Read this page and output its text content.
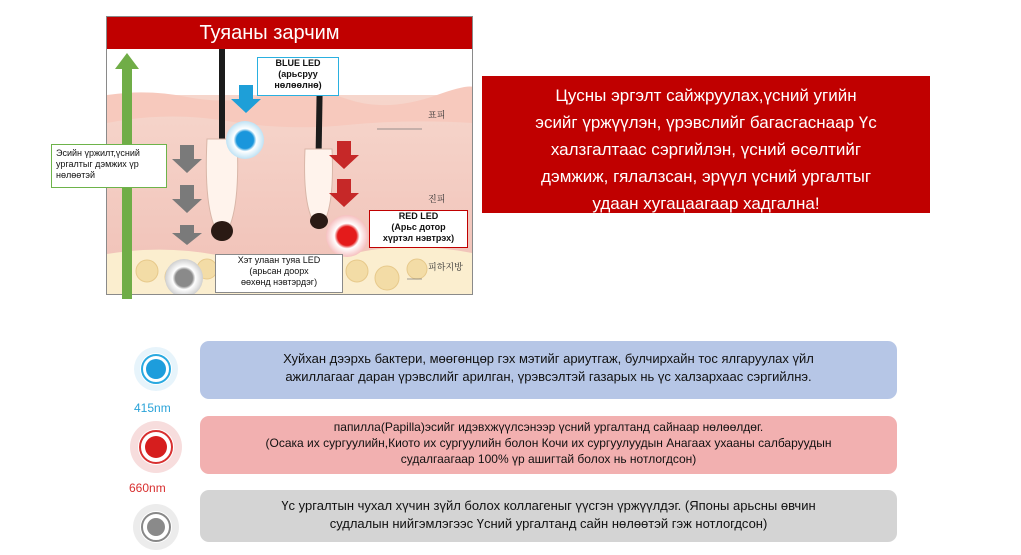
Туяаны зарчим
표피
진피
피하지방
BLUE LED
(арьсруу
нөлөөлнө)
RED LED
(Арьс дотор
хүртэл нэвтрэх)
Хэт улаан туяа LED
(арьсан доорх
өөхөнд нэвтэрдэг)
Эсийн үржилт,үсний
ургалтыг дэмжих үр
нөлөөтэй
Цусны эргэлт сайжруулах,үсний угийн
эсийг үржүүлэн, үрэвслийг багасгаснаар Үс
халзгалтаас сэргийлэн, үсний өсөлтийг
дэмжиж, гялалзсан, эрүүл үсний ургалтыг
удаан хугацаагаар хадгална!
415nm
660nm
Хуйхан дээрхь бактери, мөөгөнцөр гэх мэтийг ариутгаж, булчирхайн тос ялгаруулах үйл
ажиллагааг даран үрэвслийг арилган, үрэвсэлтэй газарых нь үс халзархаас сэргийлнэ.
папилла(Papilla)эсийг идэвхжүүлсэнээр үсний ургалтанд сайнаар нөлөөлдөг.
(Осака их сургуулийн,Киото их сургуулийн болон Кочи их сургуулуудын Анагаах ухааны салбаруудын
судалгаагаар 100% үр ашигтай болох нь нотлогдсон)
Үс ургалтын чухал хүчин зүйл болох коллагеныг үүсгэн үржүүлдэг. (Японы арьсны өвчин
судлалын нийгэмлэгээс Үсний ургалтанд сайн нөлөөтэй гэж нотлогдсон)
